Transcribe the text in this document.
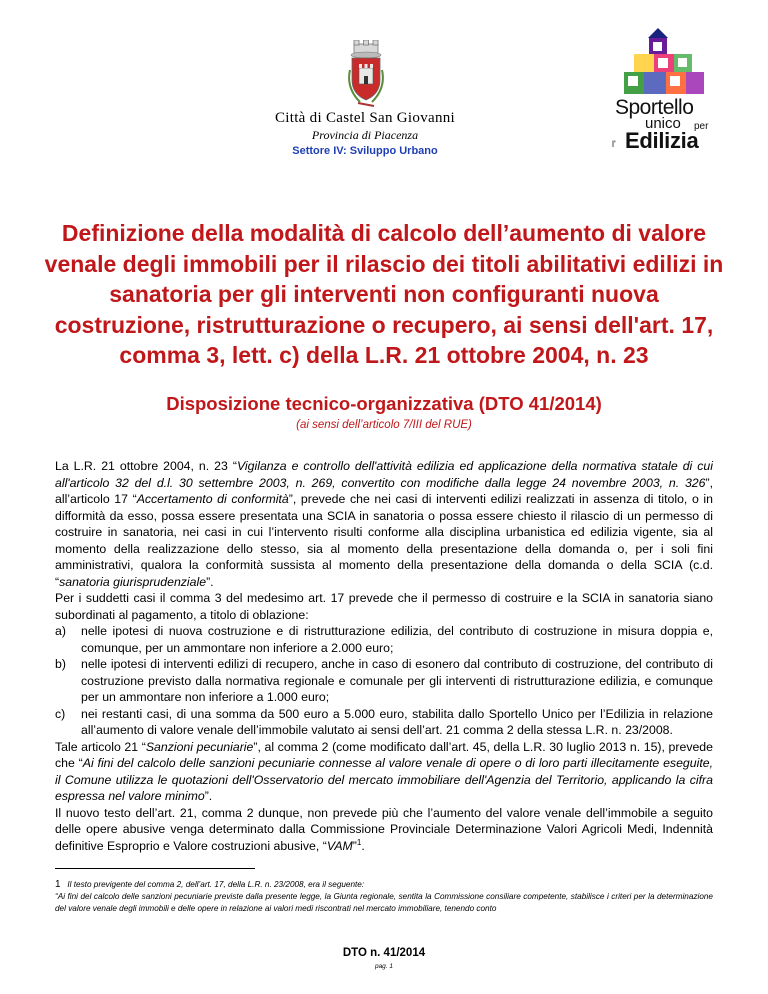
Città di Castel San Giovanni
Provincia di Piacenza
Settore IV: Sviluppo Urbano
Sportello
unico per
l' Edilizia
Definizione della modalità di calcolo dell’aumento di valore venale degli immobili per il rilascio dei titoli abilitativi edilizi in sanatoria per gli interventi non configuranti nuova costruzione, ristrutturazione o recupero, ai sensi dell'art. 17, comma 3, lett. c) della L.R. 21 ottobre 2004, n. 23
Disposizione tecnico-organizzativa (DTO 41/2014)
(ai sensi dell’articolo 7/III del RUE)

La L.R. 21 ottobre 2004, n. 23 “Vigilanza e controllo dell'attività edilizia ed applicazione della normativa statale di cui all'articolo 32 del d.l. 30 settembre 2003, n. 269, convertito con modifiche dalla legge 24 novembre 2003, n. 326”, all’articolo 17 “Accertamento di conformità”, prevede che nei casi di interventi edilizi realizzati in assenza di titolo, o in difformità da esso, possa essere presentata una SCIA in sanatoria o possa essere chiesto il rilascio di un permesso di costruire in sanatoria, nei casi in cui l’intervento risulti conforme alla disciplina urbanistica ed edilizia vigente, sia al momento della realizzazione dello stesso, sia al momento della presentazione della domanda o, per i soli fini amministrativi, qualora la conformità sussista al momento della presentazione della domanda o della SCIA (c.d. “sanatoria giurisprudenziale”.

Per i suddetti casi il comma 3 del medesimo art. 17 prevede che il permesso di costruire e la SCIA in sanatoria siano subordinati al pagamento, a titolo di oblazione:

a) nelle ipotesi di nuova costruzione e di ristrutturazione edilizia, del contributo di costruzione in misura doppia e, comunque, per un ammontare non inferiore a 2.000 euro;
b) nelle ipotesi di interventi edilizi di recupero, anche in caso di esonero dal contributo di costruzione, del contributo di costruzione previsto dalla normativa regionale e comunale per gli interventi di ristrutturazione edilizia, e comunque per un ammontare non inferiore a 1.000 euro;
c) nei restanti casi, di una somma da 500 euro a 5.000 euro, stabilita dallo Sportello Unico per l’Edilizia in relazione all’aumento di valore venale dell’immobile valutato ai sensi dell’art. 21 comma 2 della stessa L.R. n. 23/2008.

Tale articolo 21 “Sanzioni pecuniarie”, al comma 2 (come modificato dall’art. 45, della L.R. 30 luglio 2013 n. 15), prevede che “Ai fini del calcolo delle sanzioni pecuniarie connesse al valore venale di opere o di loro parti illecitamente eseguite, il Comune utilizza le quotazioni dell'Osservatorio del mercato immobiliare dell'Agenzia del Territorio, applicando la cifra espressa nel valore minimo”.

Il nuovo testo dell’art. 21, comma 2 dunque, non prevede più che l’aumento del valore venale dell’immobile a seguito delle opere abusive venga determinato dalla Commissione Provinciale Determinazione Valori Agricoli Medi, Indennità definitive Esproprio e Valore costruzioni abusive, “VAM”$^1$.

1 Il testo previgente del comma 2, dell’art. 17, della L.R. n. 23/2008, era il seguente:

“Ai fini del calcolo delle sanzioni pecuniarie previste dalla presente legge, la Giunta regionale, sentita la Commissione consiliare competente, stabilisce i criteri per la determinazione del valore venale degli immobili e delle opere in relazione ai valori medi riscontrati nel mercato immobiliare, tenendo conto

DTO n. 41/2014
pag. 1
